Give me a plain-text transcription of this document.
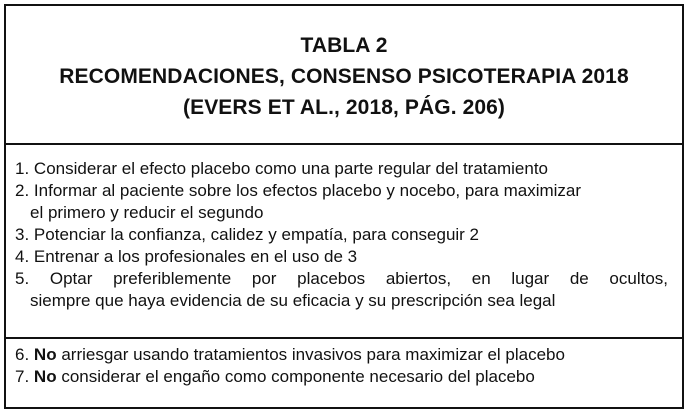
TABLA 2
RECOMENDACIONES, CONSENSO PSICOTERAPIA 2018
(EVERS ET AL., 2018, PÁG. 206)
1. Considerar el efecto placebo como una parte regular del tratamiento
2. Informar al paciente sobre los efectos placebo y nocebo, para maximizar
el primero y reducir el segundo
3. Potenciar la confianza, calidez y empatía, para conseguir 2
4. Entrenar a los profesionales en el uso de 3
5. Optar preferiblemente por placebos abiertos, en lugar de ocultos,
siempre que haya evidencia de su eficacia y su prescripción sea legal
6. No arriesgar usando tratamientos invasivos para maximizar el placebo
7. No considerar el engaño como componente necesario del placebo
